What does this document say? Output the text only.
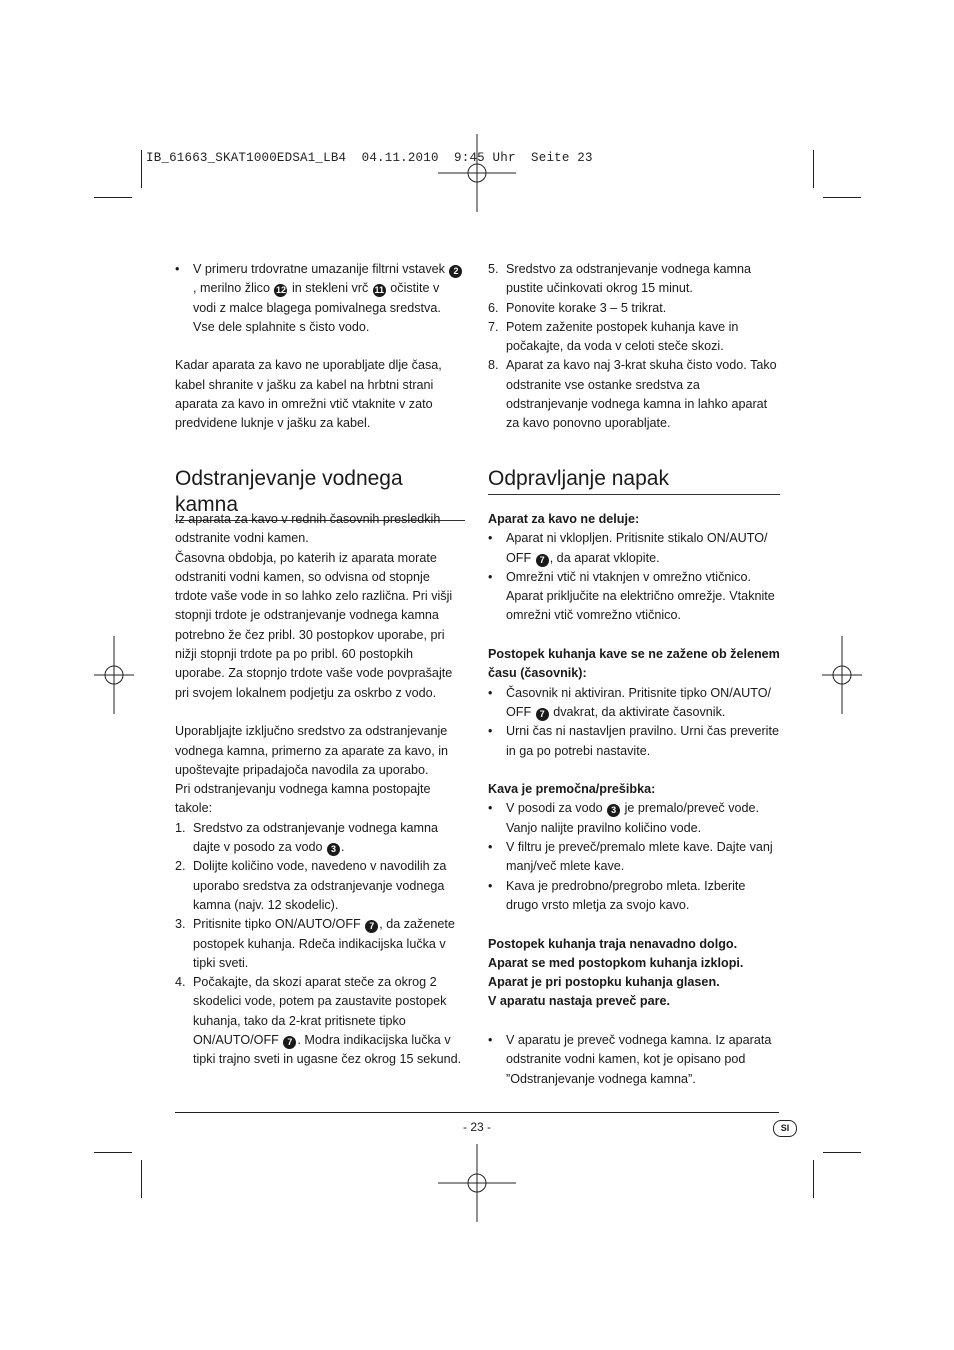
IB_61663_SKAT1000EDSA1_LB4  04.11.2010  9:45 Uhr  Seite 23
• V primeru trdovratne umazanije filtrni vstavek 2, merilno žlico 12 in stekleni vrč 11 očistite v vodi z malce blagega pomivalnega sredstva. Vse dele splahnite s čisto vodo.

Kadar aparata za kavo ne uporabljate dlje časa, kabel shranite v jašku za kabel na hrbtni strani aparata za kavo in omrežni vtič vtaknite v zato predvidene luknje v jašku za kabel.

Odstranjevanje vodnega kamna

Iz aparata za kavo v rednih časovnih presledkih odstranite vodni kamen.

Časovna obdobja, po katerih iz aparata morate odstraniti vodni kamen, so odvisna od stopnje trdote vaše vode in so lahko zelo različna. Pri višji stopnji trdote je odstranjevanje vodnega kamna potrebno že čez pribl. 30 postopkov uporabe, pri nižji stopnji trdote pa po pribl. 60 postopkih uporabe. Za stopnjo trdote vaše vode povprašajte pri svojem lokalnem podjetju za oskrbo z vodo.

Uporabljajte izključno sredstvo za odstranjevanje vodnega kamna, primerno za aparate za kavo, in upoštevajte pripadajoča navodila za uporabo.

Pri odstranjevanju vodnega kamna postopajte takole:

1. Sredstvo za odstranjevanje vodnega kamna dajte v posodo za vodo 3 .
2. Dolijte količino vode, navedeno v navodilih za uporabo sredstva za odstranjevanje vodnega kamna (najv. 12 skodelic).
3. Pritisnite tipko ON/AUTO/OFF 7 , da zaženete postopek kuhanja. Rdeča indikacijska lučka v tipki sveti.
4. Počakajte, da skozi aparat steče za okrog 2 skodelici vode, potem pa zaustavite postopek kuhanja, tako da 2-krat pritisnete tipko ON/AUTO/OFF 7 . Modra indikacijska lučka v tipki trajno sveti in ugasne čez okrog 15 sekund.
5. Sredstvo za odstranjevanje vodnega kamna pustite učinkovati okrog 15 minut.
6. Ponovite korake 3 – 5 trikrat.
7. Potem zaženite postopek kuhanja kave in počakajte, da voda v celoti steče skozi.
8. Aparat za kavo naj 3-krat skuha čisto vodo. Tako odstranite vse ostanke sredstva za odstranjevanje vodnega kamna in lahko aparat za kavo ponovno uporabljate.
Odpravljanje napak

Aparat za kavo ne deluje:

• Aparat ni vklopljen. Pritisnite stikalo ON/AUTO/ OFF 7 , da aparat vklopite.
• Omrežni vtič ni vtaknjen v omrežno vtičnico. Aparat priključite na električno omrežje. Vtaknite omrežni vtič vomrežno vtičnico.

Postopek kuhanja kave se ne zažene ob želenem času (časovnik):

• Časovnik ni aktiviran. Pritisnite tipko ON/AUTO/ OFF 7 dvakrat, da aktivirate časovnik.
• Urni čas ni nastavljen pravilno. Urni čas preverite in ga po potrebi nastavite.

Kava je premočna/prešibka:

• V posodi za vodo 3 je premalo/preveč vode. Vanjo nalijte pravilno količino vode.
• V filtru je preveč/premalo mlete kave. Dajte vanj manj/več mlete kave.
• Kava je predrobno/pregrobo mleta. Izberite drugo vrsto mletja za svojo kavo.

Postopek kuhanja traja nenavadno dolgo.

Aparat se med postopkom kuhanja izklopi.

Aparat je pri postopku kuhanja glasen.

V aparatu nastaja preveč pare.

• V aparatu je preveč vodnega kamna. Iz aparata odstranite vodni kamen, kot je opisano pod ”Odstranjevanje vodnega kamna”.
- 23 -	SI
